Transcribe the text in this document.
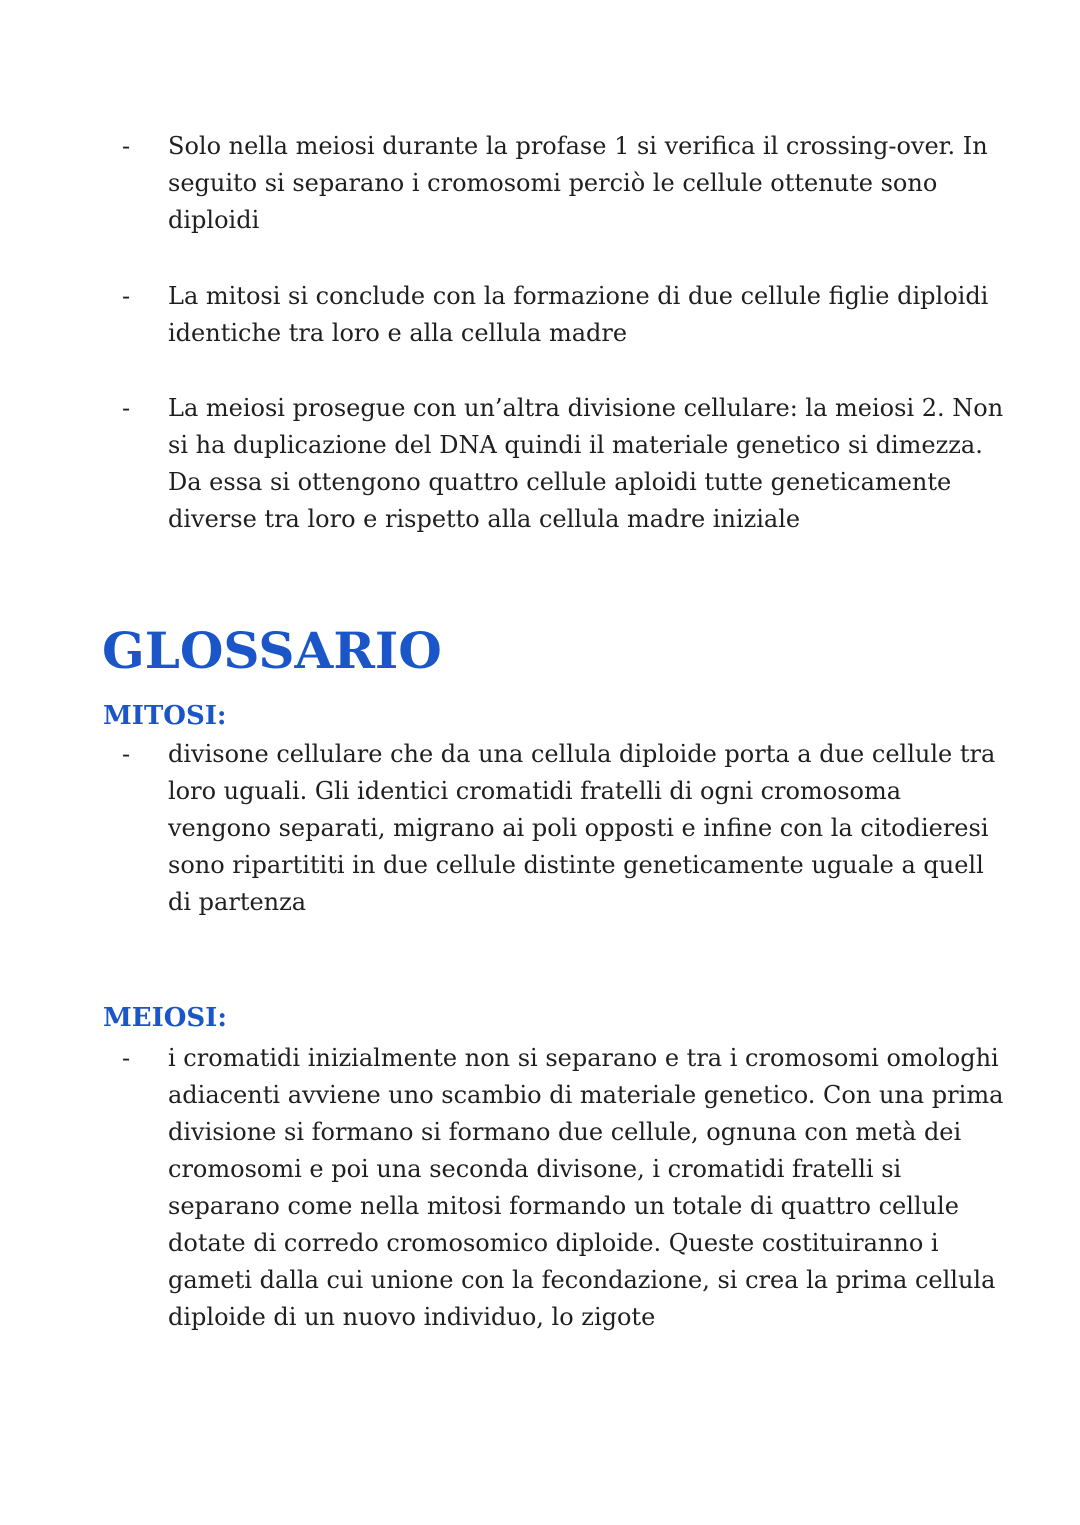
- Solo nella meiosi durante la profase 1 si verifica il crossing-over. In
seguito si separano i cromosomi perciò le cellule ottenute sono
diploidi
- La mitosi si conclude con la formazione di due cellule figlie diploidi
identiche tra loro e alla cellula madre
- La meiosi prosegue con un’altra divisione cellulare: la meiosi 2. Non
si ha duplicazione del DNA quindi il materiale genetico si dimezza.
Da essa si ottengono quattro cellule aploidi tutte geneticamente
diverse tra loro e rispetto alla cellula madre iniziale
GLOSSARIO
MITOSI:
- divisone cellulare che da una cellula diploide porta a due cellule tra
loro uguali. Gli identici cromatidi fratelli di ogni cromosoma
vengono separati, migrano ai poli opposti e infine con la citodieresi
sono ripartititi in due cellule distinte geneticamente uguale a quell
di partenza
MEIOSI:
- i cromatidi inizialmente non si separano e tra i cromosomi omologhi
adiacenti avviene uno scambio di materiale genetico. Con una prima
divisione si formano si formano due cellule, ognuna con metà dei
cromosomi e poi una seconda divisone, i cromatidi fratelli si
separano come nella mitosi formando un totale di quattro cellule
dotate di corredo cromosomico diploide. Queste costituiranno i
gameti dalla cui unione con la fecondazione, si crea la prima cellula
diploide di un nuovo individuo, lo zigote
